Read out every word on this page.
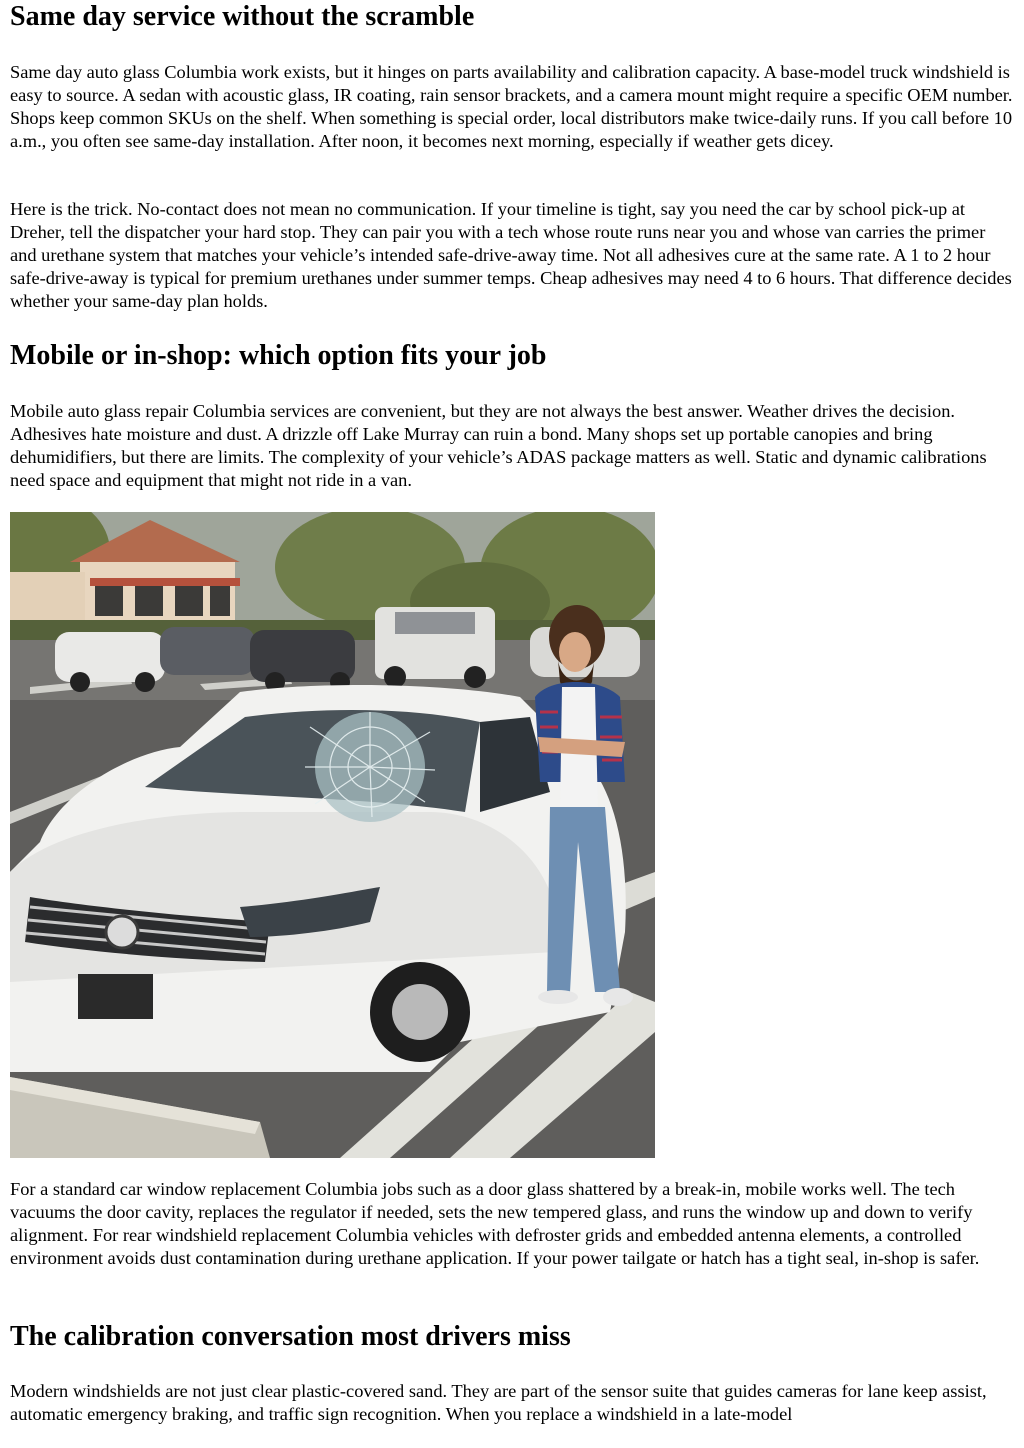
Same day service without the scramble

Same day auto glass Columbia work exists, but it hinges on parts availability and calibration capacity. A base-model truck windshield is easy to source. A sedan with acoustic glass, IR coating, rain sensor brackets, and a camera mount might require a specific OEM number. Shops keep common SKUs on the shelf. When something is special order, local distributors make twice-daily runs. If you call before 10 a.m., you often see same-day installation. After noon, it becomes next morning, especially if weather gets dicey.

Here is the trick. No-contact does not mean no communication. If your timeline is tight, say you need the car by school pick-up at Dreher, tell the dispatcher your hard stop. They can pair you with a tech whose route runs near you and whose van carries the primer and urethane system that matches your vehicle’s intended safe-drive-away time. Not all adhesives cure at the same rate. A 1 to 2 hour safe-drive-away is typical for premium urethanes under summer temps. Cheap adhesives may need 4 to 6 hours. That difference decides whether your same-day plan holds.

Mobile or in-shop: which option fits your job

Mobile auto glass repair Columbia services are convenient, but they are not always the best answer. Weather drives the decision. Adhesives hate moisture and dust. A drizzle off Lake Murray can ruin a bond. Many shops set up portable canopies and bring dehumidifiers, but there are limits. The complexity of your vehicle’s ADAS package matters as well. Static and dynamic calibrations need space and equipment that might not ride in a van.

For a standard car window replacement Columbia jobs such as a door glass shattered by a break-in, mobile works well. The tech vacuums the door cavity, replaces the regulator if needed, sets the new tempered glass, and runs the window up and down to verify alignment. For rear windshield replacement Columbia vehicles with defroster grids and embedded antenna elements, a controlled environment avoids dust contamination during urethane application. If your power tailgate or hatch has a tight seal, in-shop is safer.

The calibration conversation most drivers miss

Modern windshields are not just clear plastic-covered sand. They are part of the sensor suite that guides cameras for lane keep assist, automatic emergency braking, and traffic sign recognition. When you replace a windshield in a late-model
